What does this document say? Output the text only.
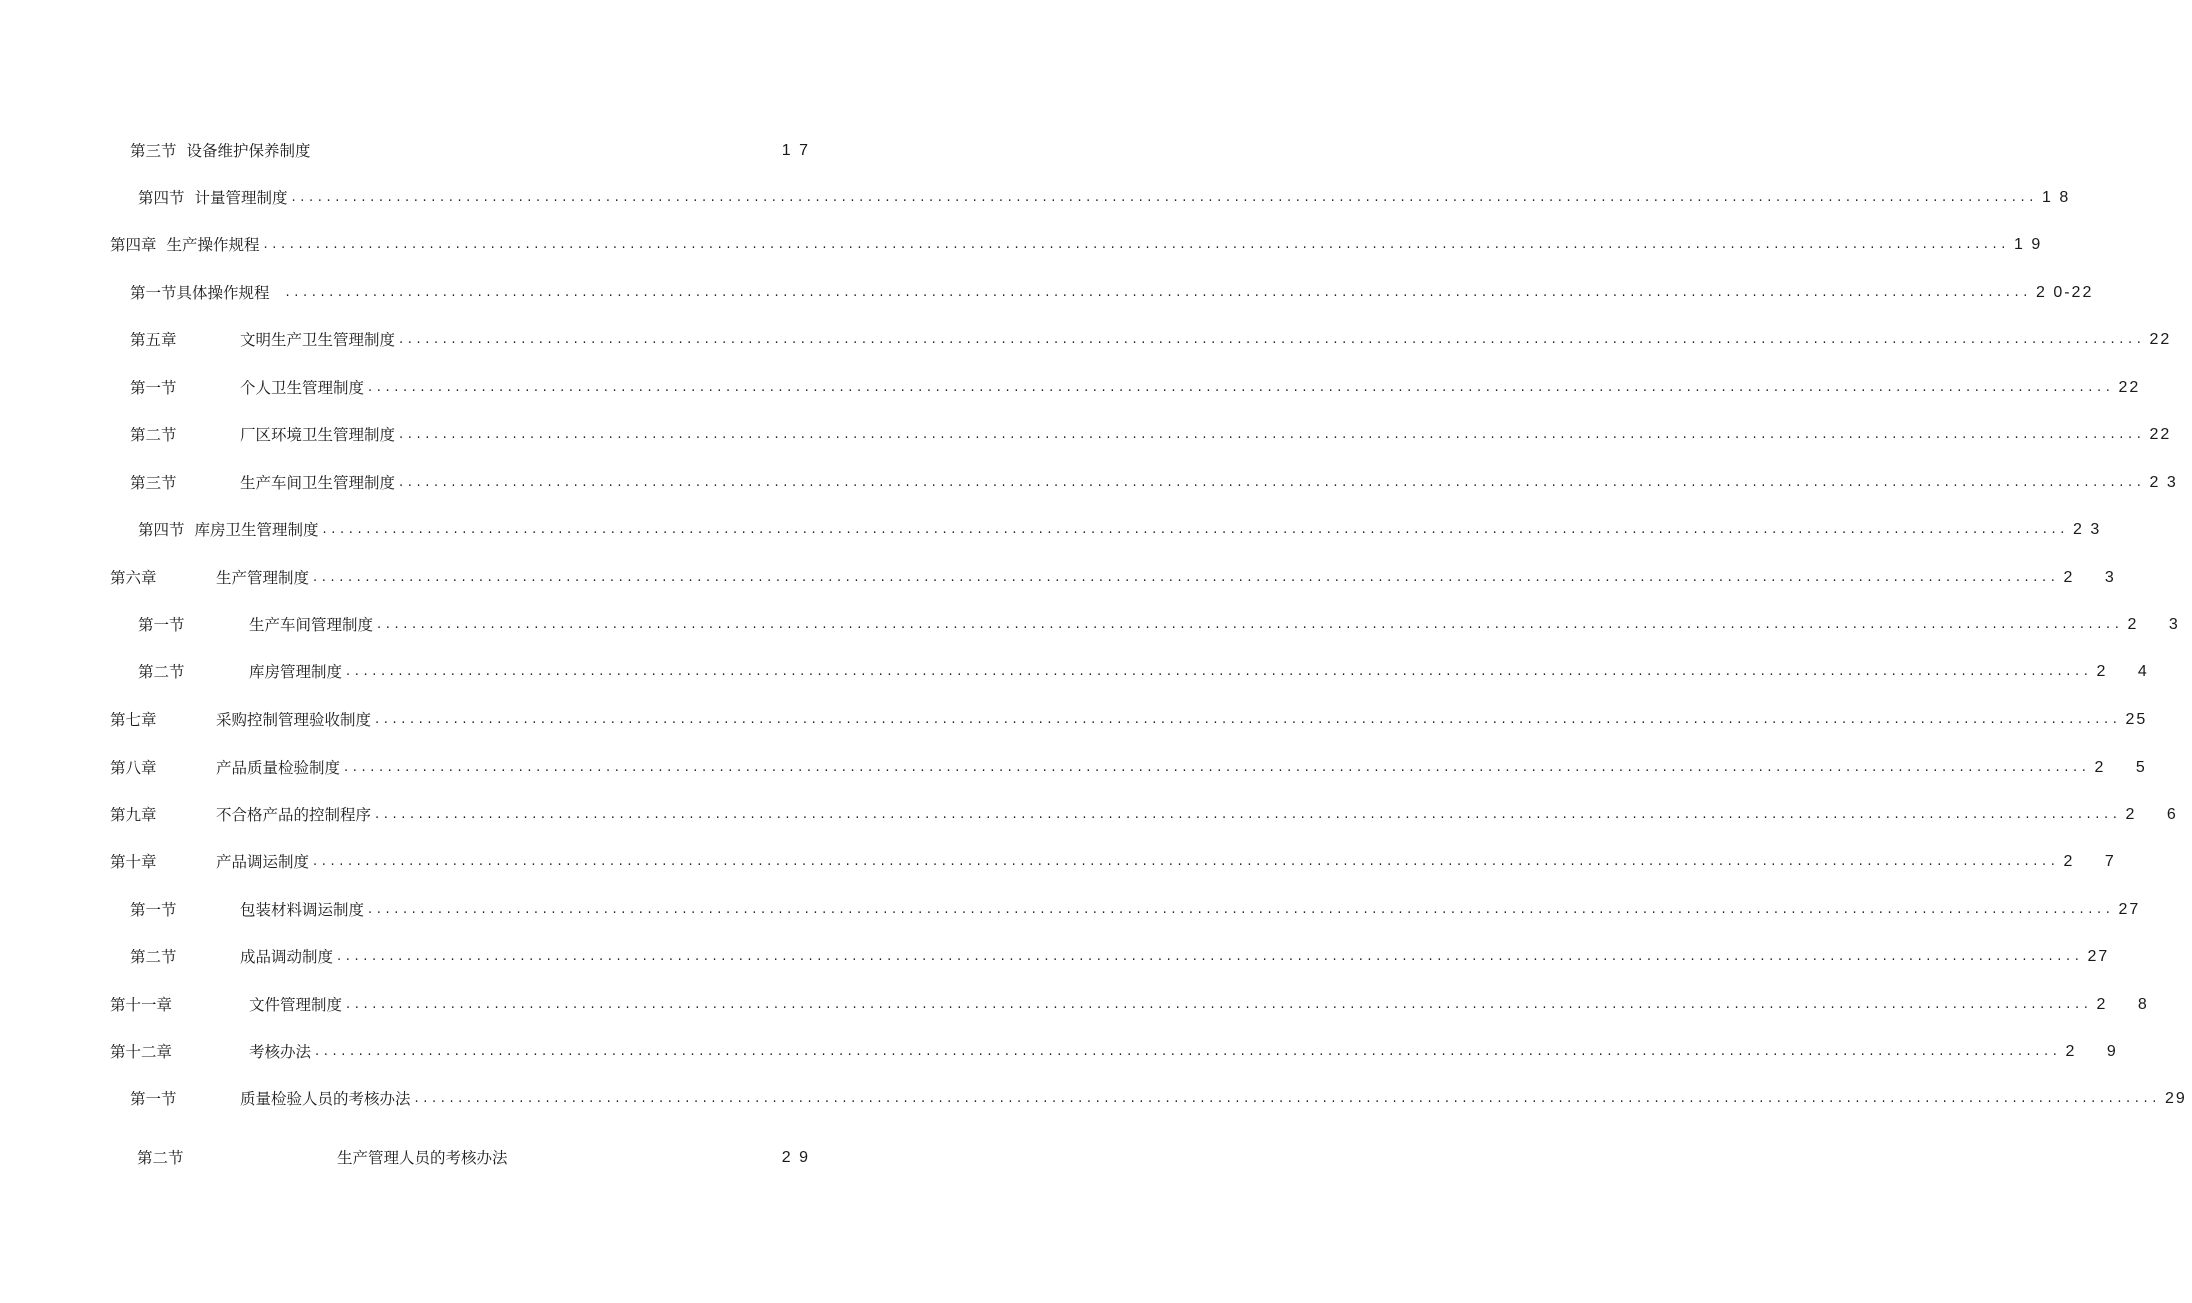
第三节 设备维护保养制度	1 7
第四节 计量管理制度 ........................................................................................................................................................................................................ 1 8
第四章 生产操作规程 ........................................................................................................................................................................................................ 1 9
第一节具体操作规程	........................................................................................................................................................................................................ 2 0-22
第五章	文明生产卫生管理制度 ........................................................................................................................................................................................................ 22
第一节	个人卫生管理制度 ........................................................................................................................................................................................................ 22
第二节	厂区环境卫生管理制度 ........................................................................................................................................................................................................ 22
第三节	生产车间卫生管理制度 ........................................................................................................................................................................................................ 2 3
第四节 库房卫生管理制度 ........................................................................................................................................................................................................ 2 3
第六章	生产管理制度 ........................................................................................................................................................................................................ 2 3
第一节	生产车间管理制度 ........................................................................................................................................................................................................ 2 3
第二节	库房管理制度 ........................................................................................................................................................................................................ 2 4
第七章	采购控制管理验收制度 ........................................................................................................................................................................................................ 25
第八章	产品质量检验制度 ........................................................................................................................................................................................................ 2 5
第九章	不合格产品的控制程序 ........................................................................................................................................................................................................ 2 6
第十章	产品调运制度 ........................................................................................................................................................................................................ 2 7
第一节	包装材料调运制度 ........................................................................................................................................................................................................ 27
第二节	成品调动制度 ........................................................................................................................................................................................................ 27
第十一章	文件管理制度 ........................................................................................................................................................................................................ 2 8
第十二章	考核办法 ........................................................................................................................................................................................................ 2 9
第一节	质量检验人员的考核办法 ........................................................................................................................................................................................................ 29
第二节	生产管理人员的考核办法	2 9
